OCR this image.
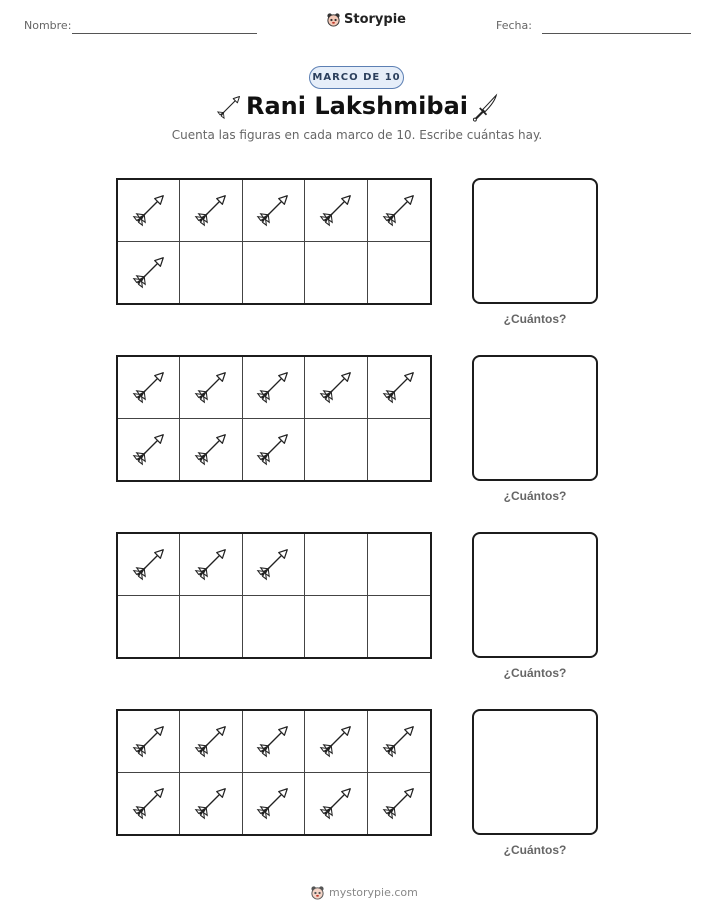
Nombre:	Storypie	Fecha:
MARCO DE 10
Rani Lakshmibai
Cuenta las figuras en cada marco de 10. Escribe cuántas hay.
¿Cuántos?
¿Cuántos?
¿Cuántos?
¿Cuántos?
mystorypie.com
